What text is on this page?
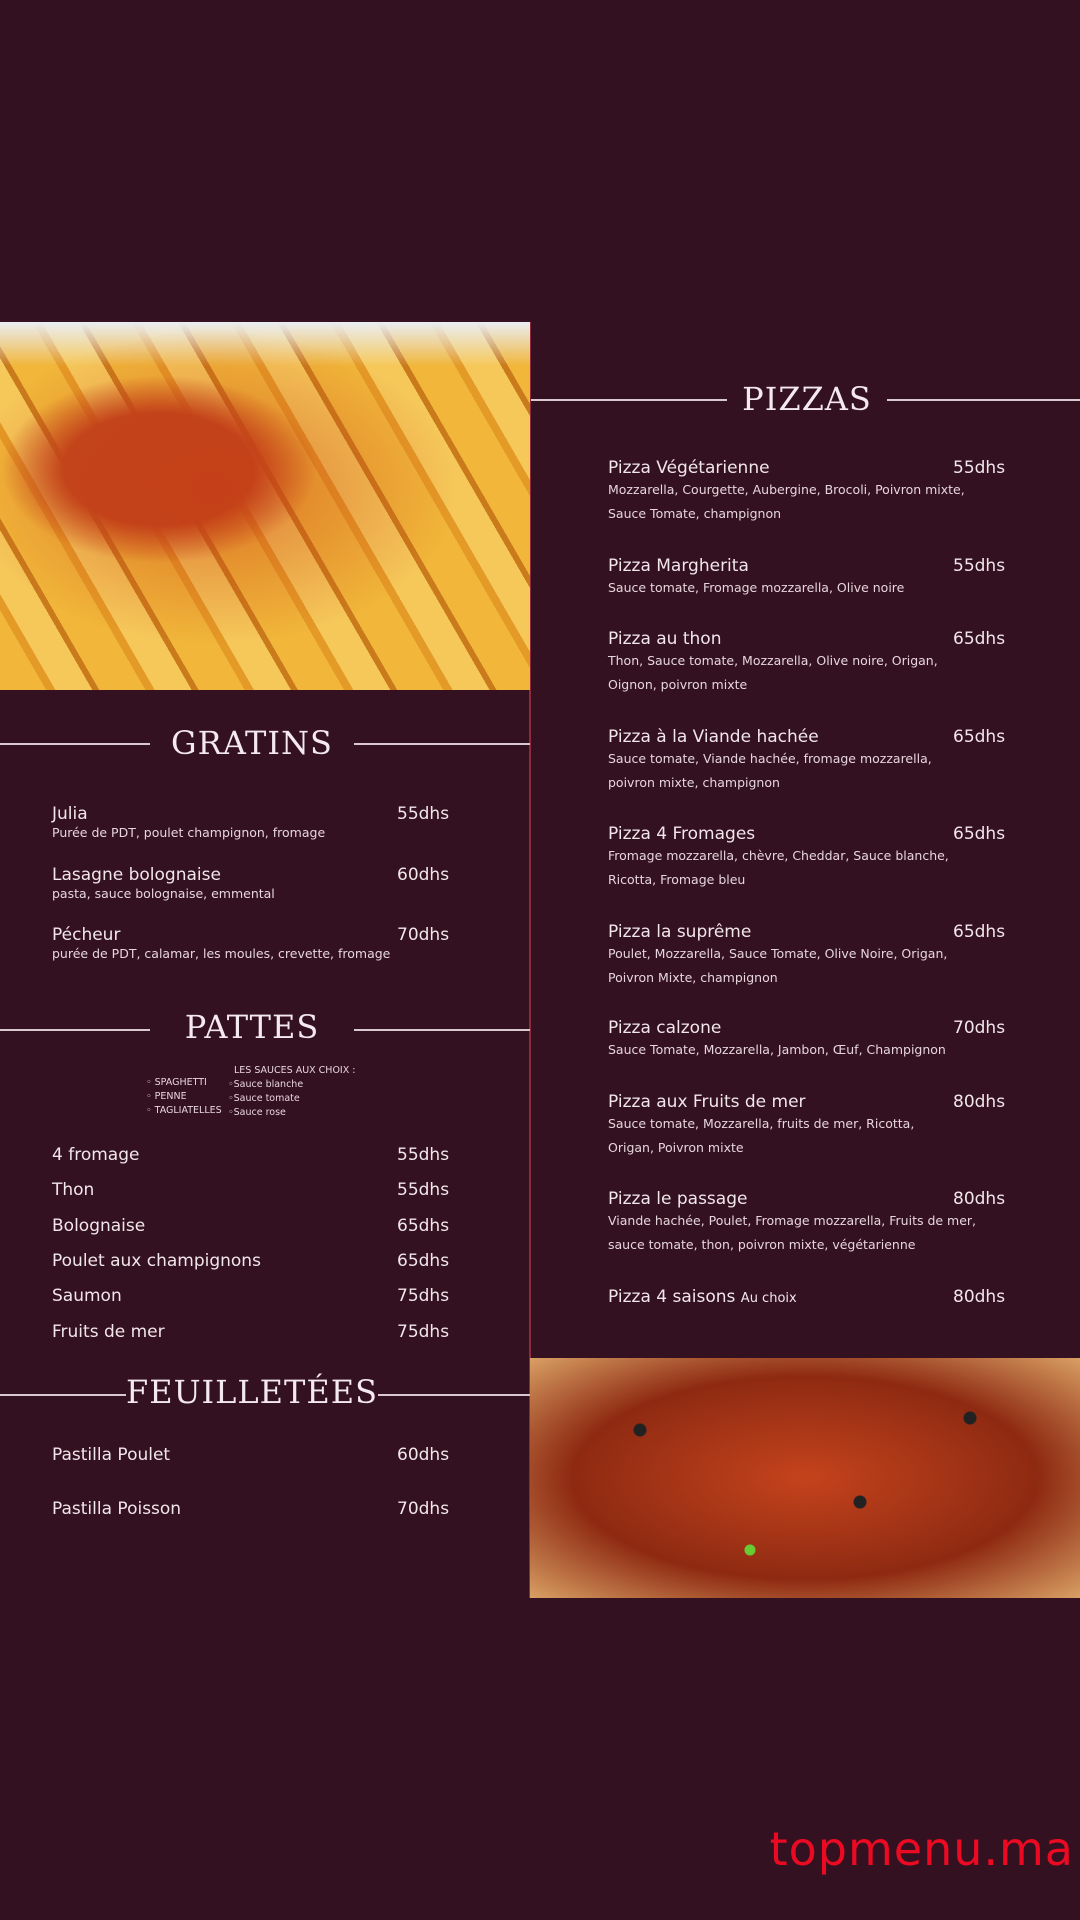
PIZZAS
Pizza Végétarienne	55dhs
Mozzarella, Courgette, Aubergine, Brocoli, Poivron mixte,
Sauce Tomate, champignon
Pizza Margherita	55dhs
Sauce tomate, Fromage mozzarella, Olive noire
Pizza au thon	65dhs
Thon, Sauce tomate, Mozzarella, Olive noire, Origan,
Oignon, poivron mixte
Pizza à la Viande hachée	65dhs
Sauce tomate, Viande hachée, fromage mozzarella,
poivron mixte, champignon
Pizza 4 Fromages	65dhs
Fromage mozzarella, chèvre, Cheddar, Sauce blanche,
Ricotta, Fromage bleu
Pizza la suprême	65dhs
Poulet, Mozzarella, Sauce Tomate, Olive Noire, Origan,
Poivron Mixte, champignon
Pizza calzone	70dhs
Sauce Tomate, Mozzarella, Jambon, Œuf, Champignon
Pizza aux Fruits de mer	80dhs
Sauce tomate, Mozzarella, fruits de mer, Ricotta,
Origan, Poivron mixte
Pizza le passage	80dhs
Viande hachée, Poulet, Fromage mozzarella, Fruits de mer,
sauce tomate, thon, poivron mixte, végétarienne
Pizza 4 saisons Au choix	80dhs
GRATINS
Julia	55dhs
Purée de PDT, poulet champignon, fromage
Lasagne bolognaise	60dhs
pasta, sauce bolognaise, emmental
Pécheur	70dhs
purée de PDT, calamar, les moules, crevette, fromage
PATTES
◦ SPAGHETTI
◦ PENNE
◦ TAGLIATELLES
LES SAUCES AUX CHOIX :
◦Sauce blanche
◦Sauce tomate
◦Sauce rose
4 fromage	55dhs
Thon	55dhs
Bolognaise	65dhs
Poulet aux champignons	65dhs
Saumon	75dhs
Fruits de mer	75dhs
FEUILLETÉES
Pastilla Poulet	60dhs
Pastilla Poisson	70dhs
topmenu.ma
